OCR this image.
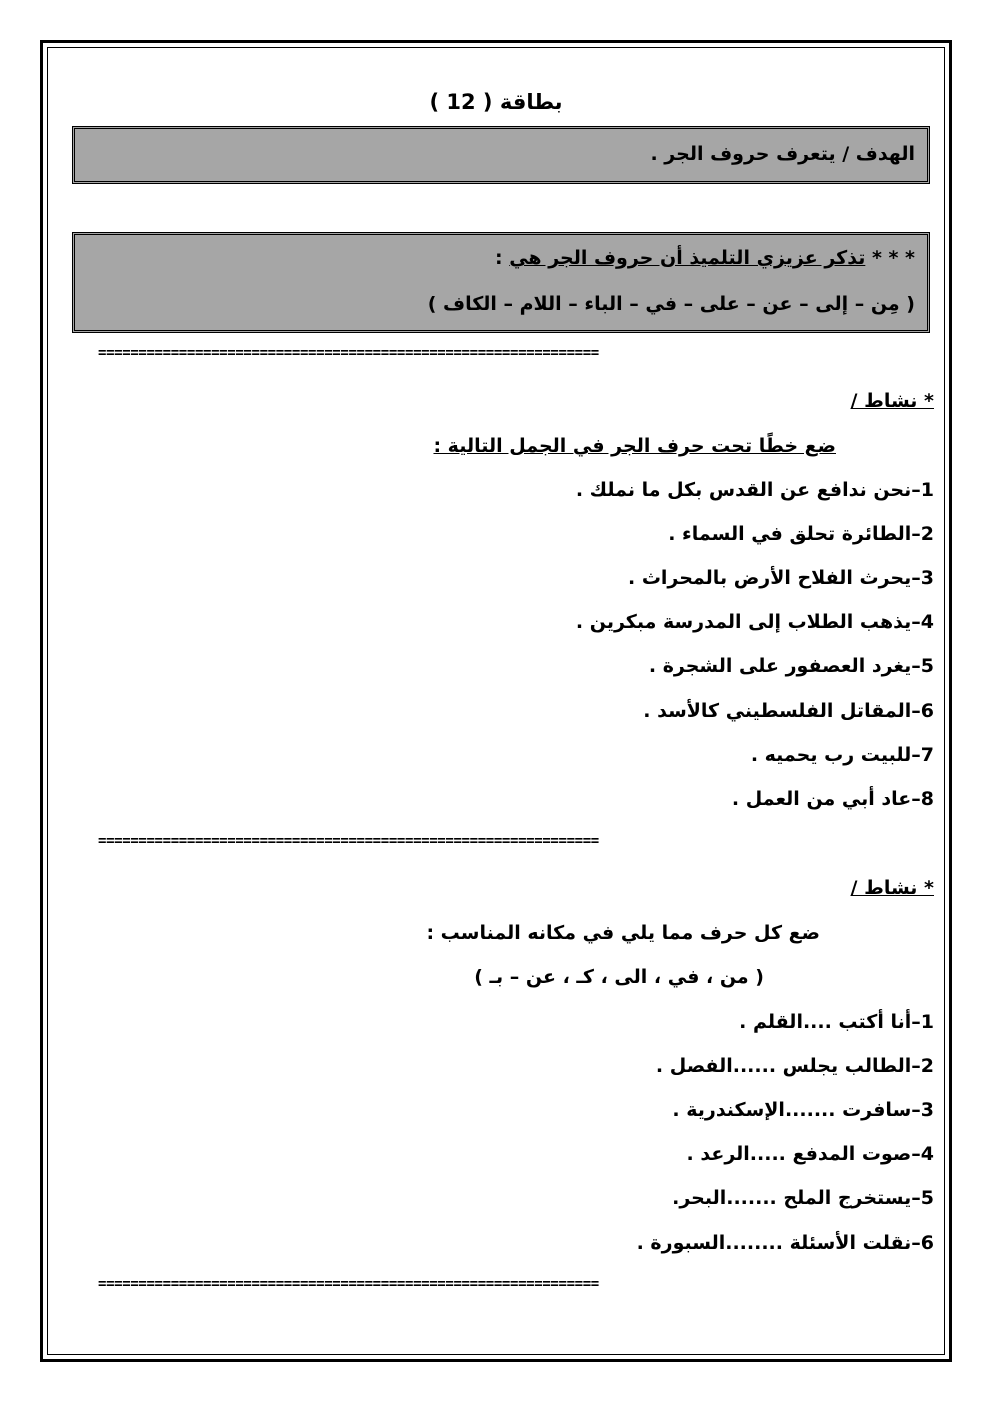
بطاقة ( 12 )
الهدف / يتعرف حروف الجر .
* * * تذكر عزيزي التلميذ أن حروف الجر هي :
( مِن – إلى – عن – على – في – الباء – اللام – الكاف )
==============================================================
* نشاط /
ضع خطًا تحت حرف الجر في الجمل التالية :
1–نحن ندافع عن القدس بكل ما نملك .
2–الطائرة تحلق في السماء .
3–يحرث الفلاح الأرض بالمحراث .
4–يذهب الطلاب إلى المدرسة مبكرين .
5–يغرد العصفور على الشجرة .
6–المقاتل الفلسطيني كالأسد .
7–للبيت رب يحميه .
8–عاد أبي من العمل .
==============================================================
* نشاط /
ضع كل حرف مما يلي في مكانه المناسب :
( من ، في ، الى ، كـ ، عن – بـ )
1–أنا أكتب ....القلم .
2–الطالب يجلس ......الفصل .
3–سافرت .......الإسكندرية .
4–صوت المدفع .....الرعد .
5–يستخرج الملح .......البحر.
6–نقلت الأسئلة ........السبورة .
==============================================================
